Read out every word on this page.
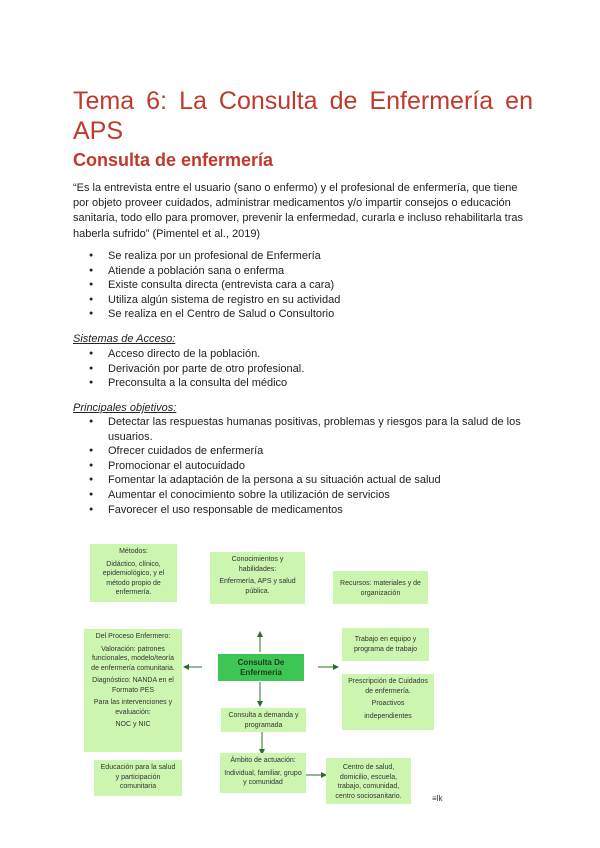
Tema 6: La Consulta de Enfermería en APS
Consulta de enfermería
“Es la entrevista entre el usuario (sano o enfermo) y el profesional de enfermería, que tiene por objeto proveer cuidados, administrar medicamentos y/o impartir consejos o educación sanitaria, todo ello para promover, prevenir la enfermedad, curarla e incluso rehabilitarla tras haberla sufrido” (Pimentel et al., 2019)
● Se realiza por un profesional de Enfermería
● Atiende a población sana o enferma
● Existe consulta directa (entrevista cara a cara)
● Utiliza algún sistema de registro en su actividad
● Se realiza en el Centro de Salud o Consultorio
Sistemas de Acceso:
● Acceso directo de la población.
● Derivación por parte de otro profesional.
● Preconsulta a la consulta del médico
Principales objetivos:
● Detectar las respuestas humanas positivas, problemas y riesgos para la salud de los usuarios.
● Ofrecer cuidados de enfermería
● Promocionar el autocuidado
● Fomentar la adaptación de la persona a su situación actual de salud
● Aumentar el conocimiento sobre la utilización de servicios
● Favorecer el uso responsable de medicamentos
Métodos:
Didáctico, clínico, epidemiológico, y el método propio de enfermería.
Conocimientos y habilidades:
Enfermería, APS y salud pública.
Recursos: materiales y de organización
Del Proceso Enfermero:
Valoración: patrones funcionales, modelo/teoría de enfermería comunitaria.
Diagnóstico: NANDA en el Formato PES
Para las intervenciones y evaluación:
NOC y NIC
Consulta De Enfermeria
Trabajo en equipo y programa de trabajo
Prescripción de Cuidados de enfermería.
Proactivos
independientes
Consulta a demanda y programada
Ámbito de actuación:
Individual, familiar, grupo y comunidad
Educación para la salud y participación comunitaria
Centro de salud, domicilio, escuela, trabajo, comunidad, centro sociosanitario.	≡lk
